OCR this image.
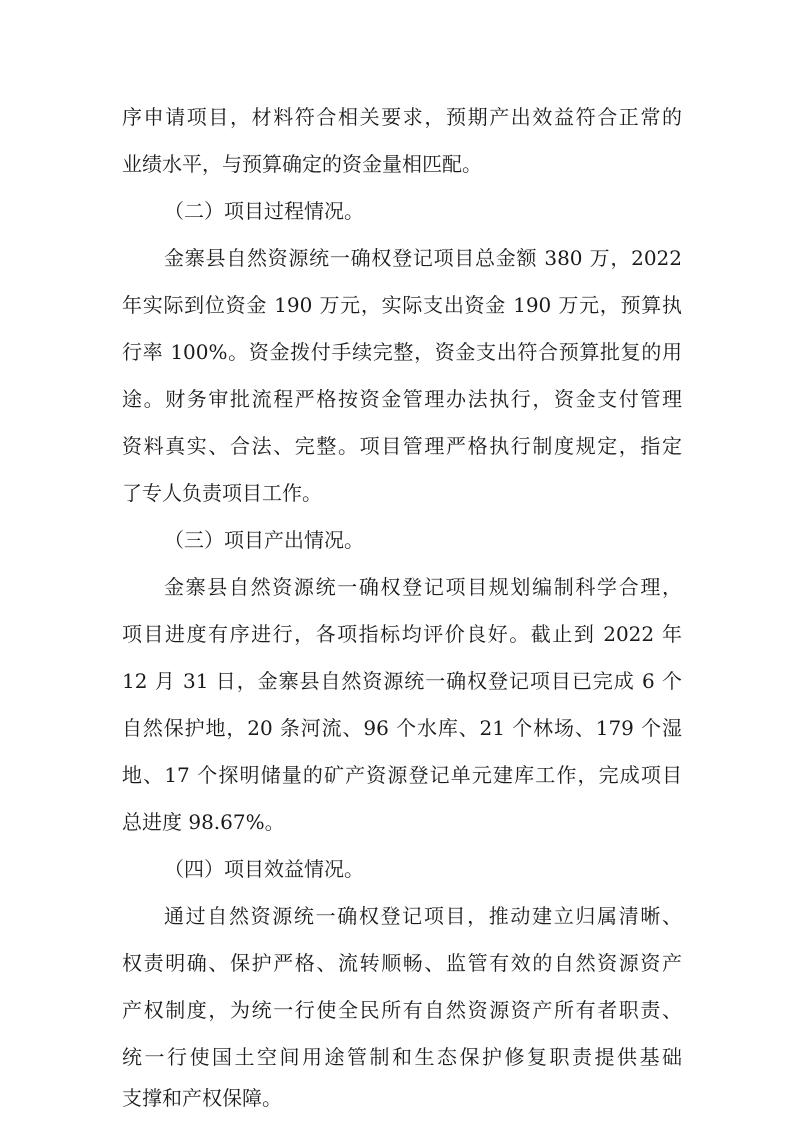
序申请项目，材料符合相关要求，预期产出效益符合正常的
业绩水平，与预算确定的资金量相匹配。
（二）项目过程情况。
金寨县自然资源统一确权登记项目总金额 380 万，2022
年实际到位资金 190 万元，实际支出资金 190 万元，预算执
行率 100%。资金拨付手续完整，资金支出符合预算批复的用
途。财务审批流程严格按资金管理办法执行，资金支付管理
资料真实、合法、完整。项目管理严格执行制度规定，指定
了专人负责项目工作。
（三）项目产出情况。
金寨县自然资源统一确权登记项目规划编制科学合理，
项目进度有序进行，各项指标均评价良好。截止到 2022 年
12 月 31 日，金寨县自然资源统一确权登记项目已完成 6 个
自然保护地，20 条河流、96 个水库、21 个林场、179 个湿
地、17 个探明储量的矿产资源登记单元建库工作，完成项目
总进度 98.67%。
（四）项目效益情况。
通过自然资源统一确权登记项目，推动建立归属清晰、
权责明确、保护严格、流转顺畅、监管有效的自然资源资产
产权制度，为统一行使全民所有自然资源资产所有者职责、
统一行使国土空间用途管制和生态保护修复职责提供基础
支撑和产权保障。
